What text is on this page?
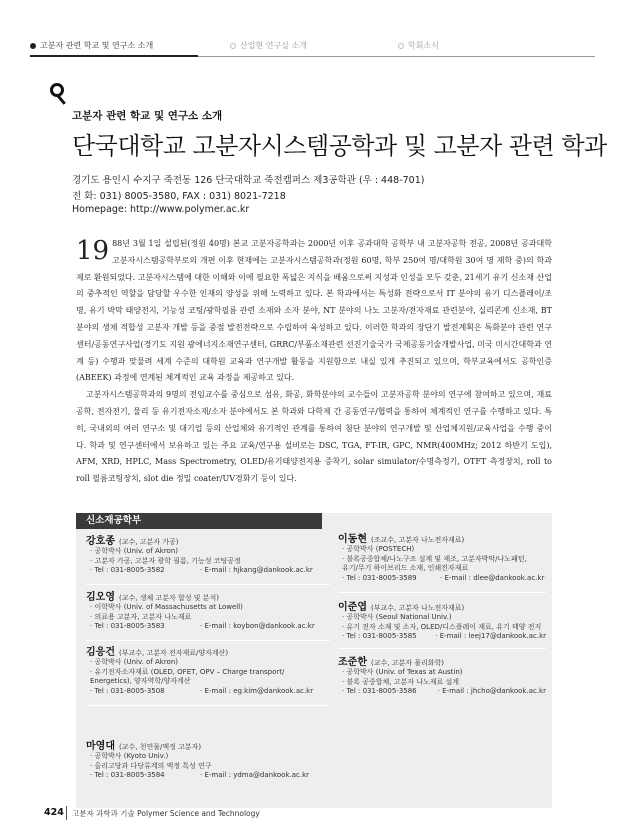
고분자 관련 학교 및 연구소 소개	산업현 연구실 소개	학회소식
고분자 관련 학교 및 연구소 소개
단국대학교 고분자시스템공학과 및 고분자 관련 학과
경기도 용인시 수지구 죽전동 126 단국대학교 죽전캠퍼스 제3공학관 (우 : 448-701)
전 화: 031) 8005-3580, FAX : 031) 8021-7218
Homepage: http://www.polymer.ac.kr

19 88년 3월 1일 설립된(정원 40명) 본교 고분자공학과는 2000년 이후 공과대학 공학부 내 고분자공학 전공, 2008년 공과대학 고분자시스템공학부로의 개편 이후 현재에는 고분자시스템공학과(정원 60명, 학부 250여 명/대학원 30여 명 재학 중)의 학과제로 환원되었다. 고분자시스템에 대한 이해와 이에 필요한 폭넓은 지식을 배움으로써 지성과 인성을 모두 갖춘, 21세기 유기 신소재 산업의 중추적인 역할을 담당할 우수한 인재의 양성을 위해 노력하고 있다. 본 학과에서는 특성화 전략으로서 IT 분야의 유기 디스플레이/조명, 유기 박막 태양전지, 기능성 코팅/광학필름 관련 소재와 소자 분야, NT 분야의 나노 고분자/전자재료 관련분야, 실리콘계 신소재, BT 분야의 생체 적합성 고분자 개발 등을 중점 발전전략으로 수립하여 육성하고 있다. 이러한 학과의 장단기 발전계획은 특화분야 관련 연구센터/공동연구사업(경기도 지원 광에너지소재연구센터, GRRC/부품소재관련 선진기술국가 국제공동기술개발사업, 미국 미시간대학과 연계 등) 수행과 맞물려 세계 수준의 대학원 교육과 연구개발 활동을 지원함으로 내실 있게 추진되고 있으며, 학부교육에서도 공학인증(ABEEK) 과정에 연계된 체계적인 교육 과정을 제공하고 있다.

고분자시스템공학과의 9명의 전임교수를 중심으로 섬유, 화공, 화학분야의 교수들이 고분자공학 분야의 연구에 참여하고 있으며, 재료공학, 전자전기, 물리 등 유기전자소재/소자 분야에서도 본 학과와 다학제 간 공동연구/협력을 통하여 체계적인 연구를 수행하고 있다. 특히, 국내외의 여러 연구소 및 대기업 등의 산업체와 유기적인 관계를 통하여 첨단 분야의 연구개발 및 산업체지원/교육사업을 수행 중이다. 학과 및 연구센터에서 보유하고 있는 주요 교육/연구용 설비로는 DSC, TGA, FT-IR, GPC, NMR(400MHz; 2012 하반기 도입), AFM, XRD, HPLC, Mass Spectrometry, OLED/유기태양전지용 증착기, solar simulator/수명측정기, OTFT 측정장치, roll to roll 필름코팅장치, slot die 정밀 coater/UV경화기 등이 있다.

신소재공학부
강호종 (교수, 고분자 가공)
· 공학박사 (Univ. of Akron)
· 고분자 가공, 고분자 광학 필름, 기능성 코팅공정
· Tel : 031-8005-3582	· E-mail : hjkang@dankook.ac.kr
김오영 (교수, 생체 고분자 합성 및 분석)
· 이학박사 (Univ. of Massachusetts at Lowell)
· 의료용 고분자, 고분자 나노재료
· Tel : 031-8005-3583	· E-mail : koybon@dankook.ac.kr
김응건 (부교수, 고분자 전자재료/양자계산)
· 공학박사 (Univ. of Akron)
· 유기전자소자재료 (OLED, OFET, OPV – Charge transport/
Energetics), 양자역학/양자계산
· Tel : 031-8005-3508	· E-mail : eg.kim@dankook.ac.kr
마영대 (교수, 천연물/액정 고분자)
· 공학박사 (Kyoto Univ.)
· 올리고당과 다당류계의 액정 특성 연구
· Tel : 031-8005-3584	· E-mail : ydma@dankook.ac.kr
이동현 (조교수, 고분자 나노전자재료)
· 공학박사 (POSTECH)
· 블록공중합체/나노구조 설계 및 제조, 고분자박막/나노패턴,
유기/무기 하이브리드 소재, 인쇄전자재료
· Tel : 031-8005-3589	· E-mail : dlee@dankook.ac.kr
이준엽 (부교수, 고분자 나노전자재료)
· 공학박사 (Seoul National Univ.)
· 유기 전자 소재 및 소자, OLED/디스플레이 재료, 유기 태양 전지
· Tel : 031-8005-3585	· E-mail : leej17@dankook.ac.kr
조준한 (교수, 고분자 물리화학)
· 공학박사 (Univ. of Texas at Austin)
· 블록 공중합체, 고분자 나노재료 설계
· Tel : 031-8005-3586	· E-mail : jhcho@dankook.ac.kr
424 고분자 과학과 기술 Polymer Science and Technology
